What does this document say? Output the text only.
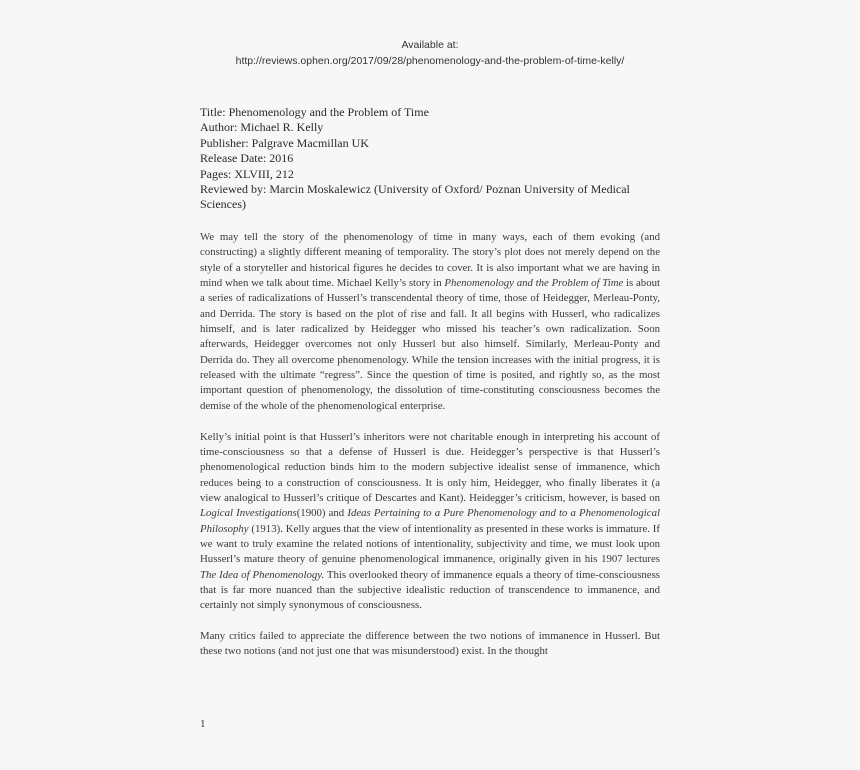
Available at:
http://reviews.ophen.org/2017/09/28/phenomenology-and-the-problem-of-time-kelly/
Title: Phenomenology and the Problem of Time
Author: Michael R. Kelly
Publisher: Palgrave Macmillan UK
Release Date: 2016
Pages: XLVIII, 212
Reviewed by: Marcin Moskalewicz (University of Oxford/ Poznan University of Medical Sciences)

We may tell the story of the phenomenology of time in many ways, each of them evoking (and constructing) a slightly different meaning of temporality. The story’s plot does not merely depend on the style of a storyteller and historical figures he decides to cover. It is also important what we are having in mind when we talk about time. Michael Kelly’s story in Phenomenology and the Problem of Time is about a series of radicalizations of Husserl’s transcendental theory of time, those of Heidegger, Merleau-Ponty, and Derrida. The story is based on the plot of rise and fall. It all begins with Husserl, who radicalizes himself, and is later radicalized by Heidegger who missed his teacher’s own radicalization. Soon afterwards, Heidegger overcomes not only Husserl but also himself. Similarly, Merleau-Ponty and Derrida do. They all overcome phenomenology. While the tension increases with the initial progress, it is released with the ultimate “regress”. Since the question of time is posited, and rightly so, as the most important question of phenomenology, the dissolution of time-constituting consciousness becomes the demise of the whole of the phenomenological enterprise.

Kelly’s initial point is that Husserl’s inheritors were not charitable enough in interpreting his account of time-consciousness so that a defense of Husserl is due. Heidegger’s perspective is that Husserl’s phenomenological reduction binds him to the modern subjective idealist sense of immanence, which reduces being to a construction of consciousness. It is only him, Heidegger, who finally liberates it (a view analogical to Husserl’s critique of Descartes and Kant). Heidegger’s criticism, however, is based on Logical Investigations(1900) and Ideas Pertaining to a Pure Phenomenology and to a Phenomenological Philosophy (1913). Kelly argues that the view of intentionality as presented in these works is immature. If we want to truly examine the related notions of intentionality, subjectivity and time, we must look upon Husserl’s mature theory of genuine phenomenological immanence, originally given in his 1907 lectures The Idea of Phenomenology. This overlooked theory of immanence equals a theory of time-consciousness that is far more nuanced than the subjective idealistic reduction of transcendence to immanence, and certainly not simply synonymous of consciousness.

Many critics failed to appreciate the difference between the two notions of immanence in Husserl. But these two notions (and not just one that was misunderstood) exist. In the thought

1
